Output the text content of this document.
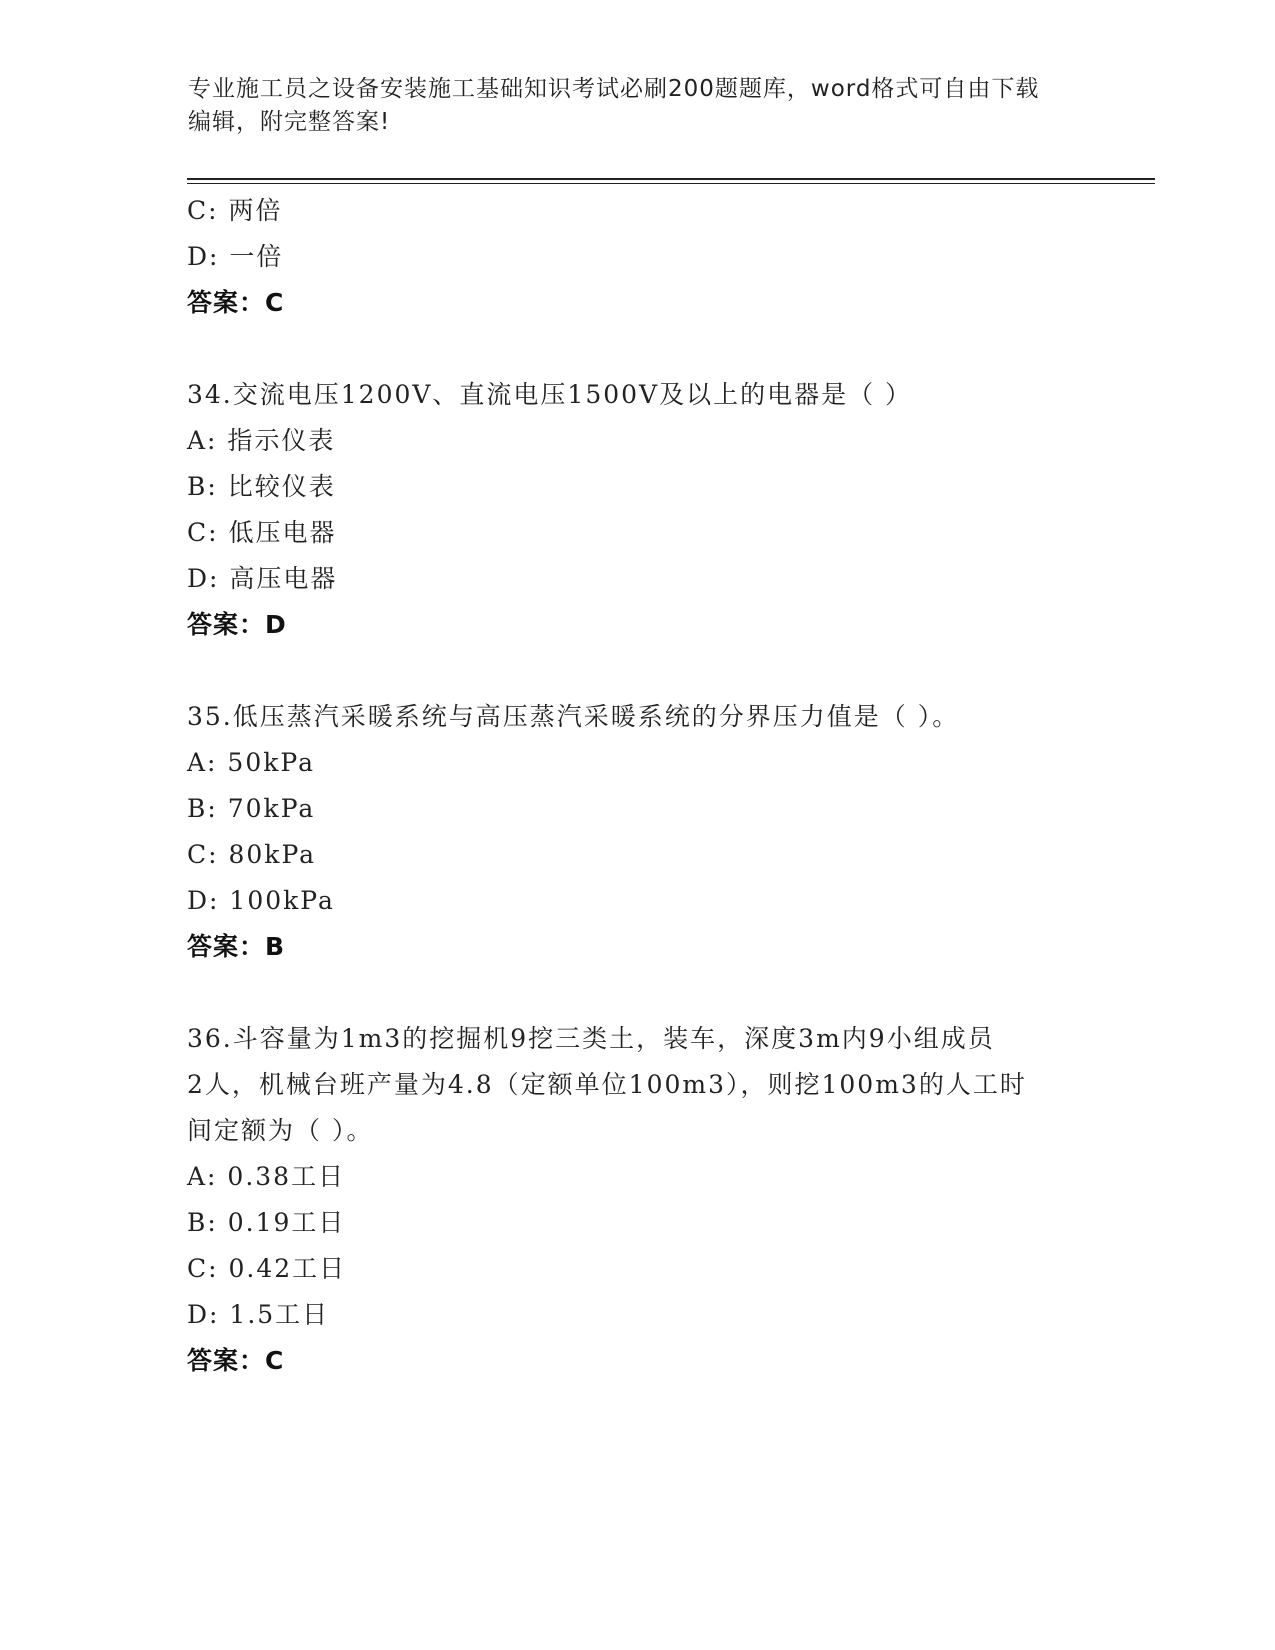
专业施工员之设备安装施工基础知识考试必刷200题题库，word格式可自由下载
编辑，附完整答案!
C: 两倍
D: 一倍
答案：C
34.交流电压1200V、直流电压1500V及以上的电器是（ ）
A: 指示仪表
B: 比较仪表
C: 低压电器
D: 高压电器
答案：D
35.低压蒸汽采暖系统与高压蒸汽采暖系统的分界压力值是（ ）。
A: 50kPa
B: 70kPa
C: 80kPa
D: 100kPa
答案：B
36.斗容量为1m3的挖掘机9挖三类土，装车，深度3m内9小组成员
2人，机械台班产量为4.8（定额单位100m3），则挖100m3的人工时
间定额为（ ）。
A: 0.38工日
B: 0.19工日
C: 0.42工日
D: 1.5工日
答案：C
